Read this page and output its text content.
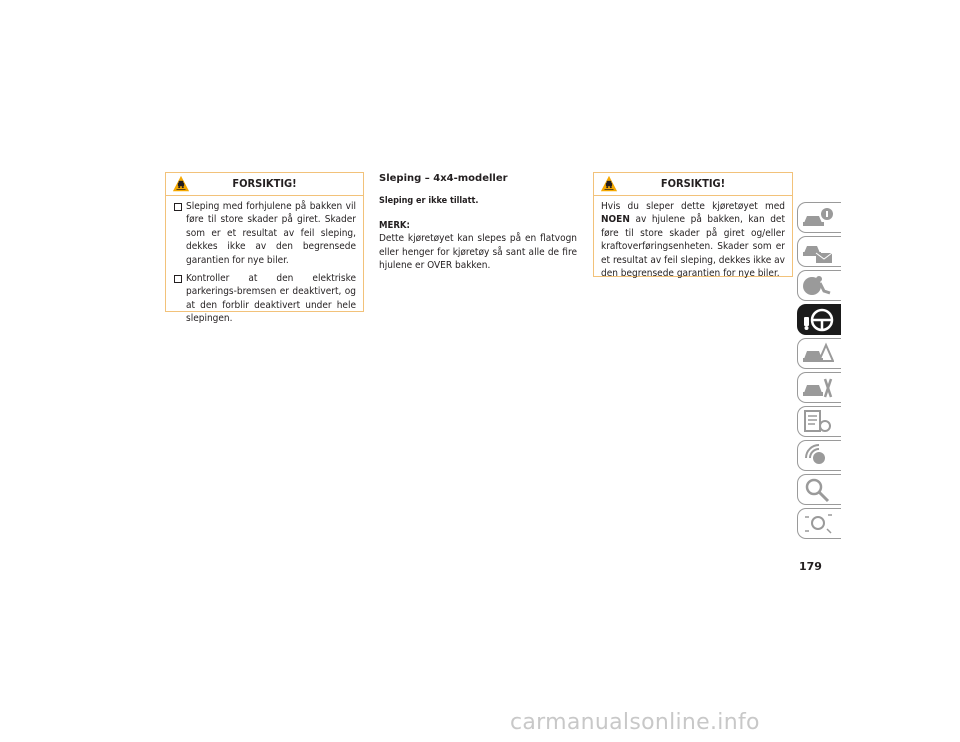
FORSIKTIG!
Sleping med forhjulene på bakken vil føre til store skader på giret. Skader som er et resultat av feil sleping, dekkes ikke av den begrensede garantien for nye biler.
Kontroller at den elektriske parkerings-bremsen er deaktivert, og at den forblir deaktivert under hele slepingen.
Sleping – 4x4-modeller
Sleping er ikke tillatt.
MERK:
Dette kjøretøyet kan slepes på en flatvogn eller henger for kjøretøy så sant alle de fire hjulene er OVER bakken.
FORSIKTIG!
Hvis du sleper dette kjøretøyet med NOEN av hjulene på bakken, kan det føre til store skader på giret og/eller kraftoverføringsenheten. Skader som er et resultat av feil sleping, dekkes ikke av den begrensede garantien for nye biler.
179
carmanualsonline.info
